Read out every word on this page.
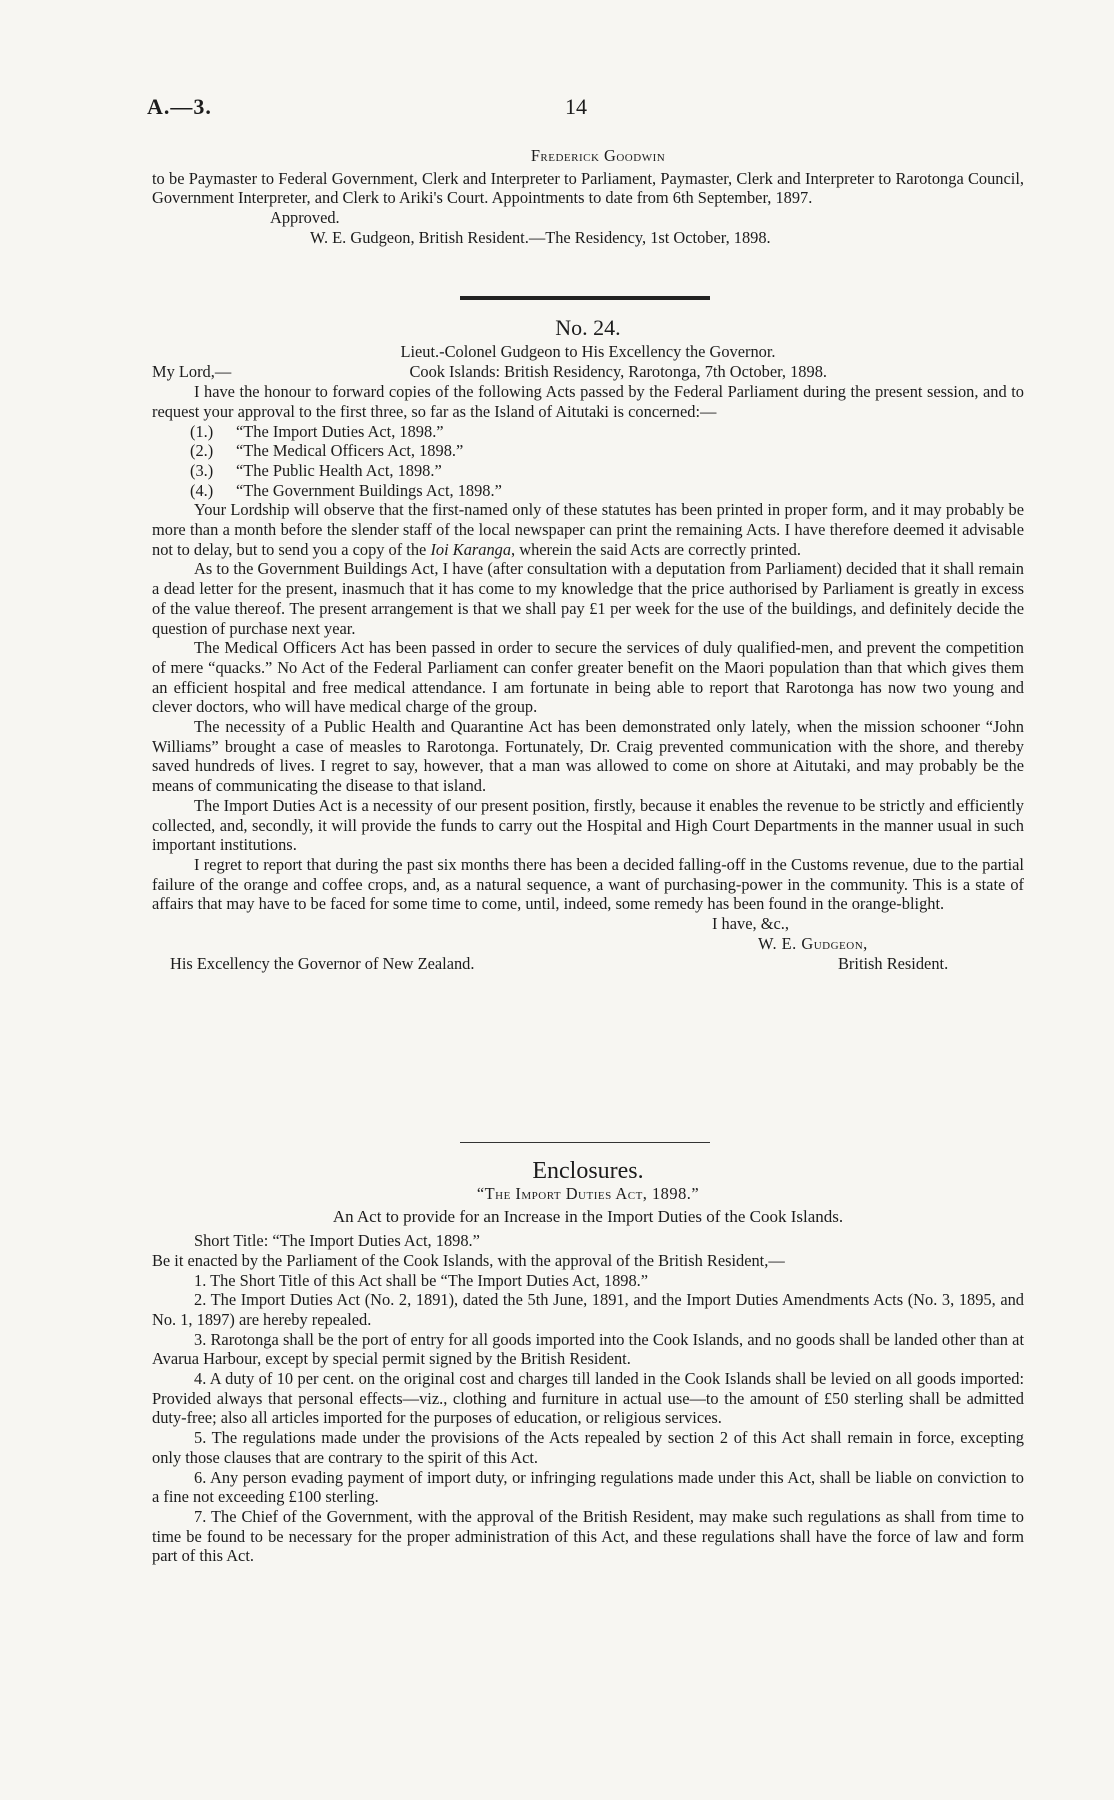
A.—3.	14

Frederick Goodwin

to be Paymaster to Federal Government, Clerk and Interpreter to Parliament, Paymaster, Clerk and Interpreter to Rarotonga Council, Government Interpreter, and Clerk to Ariki's Court. Appointments to date from 6th September, 1897.

Approved.

W. E. Gudgeon, British Resident.—The Residency, 1st October, 1898.

No. 24.

Lieut.-Colonel Gudgeon to His Excellency the Governor.

My Lord,—	Cook Islands: British Residency, Rarotonga, 7th October, 1898.

I have the honour to forward copies of the following Acts passed by the Federal Parliament during the present session, and to request your approval to the first three, so far as the Island of Aitutaki is concerned:—

(1.) “The Import Duties Act, 1898.”

(2.) “The Medical Officers Act, 1898.”

(3.) “The Public Health Act, 1898.”

(4.) “The Government Buildings Act, 1898.”

Your Lordship will observe that the first-named only of these statutes has been printed in proper form, and it may probably be more than a month before the slender staff of the local newspaper can print the remaining Acts. I have therefore deemed it advisable not to delay, but to send you a copy of the Ioi Karanga, wherein the said Acts are correctly printed.

As to the Government Buildings Act, I have (after consultation with a deputation from Parliament) decided that it shall remain a dead letter for the present, inasmuch that it has come to my knowledge that the price authorised by Parliament is greatly in excess of the value thereof. The present arrangement is that we shall pay £1 per week for the use of the buildings, and definitely decide the question of purchase next year.

The Medical Officers Act has been passed in order to secure the services of duly qualified-men, and prevent the competition of mere “quacks.” No Act of the Federal Parliament can confer greater benefit on the Maori population than that which gives them an efficient hospital and free medical attendance. I am fortunate in being able to report that Rarotonga has now two young and clever doctors, who will have medical charge of the group.

The necessity of a Public Health and Quarantine Act has been demonstrated only lately, when the mission schooner “John Williams” brought a case of measles to Rarotonga. Fortunately, Dr. Craig prevented communication with the shore, and thereby saved hundreds of lives. I regret to say, however, that a man was allowed to come on shore at Aitutaki, and may probably be the means of communicating the disease to that island.

The Import Duties Act is a necessity of our present position, firstly, because it enables the revenue to be strictly and efficiently collected, and, secondly, it will provide the funds to carry out the Hospital and High Court Departments in the manner usual in such important institutions.

I regret to report that during the past six months there has been a decided falling-off in the Customs revenue, due to the partial failure of the orange and coffee crops, and, as a natural sequence, a want of purchasing-power in the community. This is a state of affairs that may have to be faced for some time to come, until, indeed, some remedy has been found in the orange-blight.

I have, &c.,

W. E. Gudgeon,

His Excellency the Governor of New Zealand.	British Resident.

Enclosures.

“The Import Duties Act, 1898.”

An Act to provide for an Increase in the Import Duties of the Cook Islands.

Short Title: “The Import Duties Act, 1898.”

Be it enacted by the Parliament of the Cook Islands, with the approval of the British Resident,—

1. The Short Title of this Act shall be “The Import Duties Act, 1898.”

2. The Import Duties Act (No. 2, 1891), dated the 5th June, 1891, and the Import Duties Amendments Acts (No. 3, 1895, and No. 1, 1897) are hereby repealed.

3. Rarotonga shall be the port of entry for all goods imported into the Cook Islands, and no goods shall be landed other than at Avarua Harbour, except by special permit signed by the British Resident.

4. A duty of 10 per cent. on the original cost and charges till landed in the Cook Islands shall be levied on all goods imported: Provided always that personal effects—viz., clothing and furniture in actual use—to the amount of £50 sterling shall be admitted duty-free; also all articles imported for the purposes of education, or religious services.

5. The regulations made under the provisions of the Acts repealed by section 2 of this Act shall remain in force, excepting only those clauses that are contrary to the spirit of this Act.

6. Any person evading payment of import duty, or infringing regulations made under this Act, shall be liable on conviction to a fine not exceeding £100 sterling.

7. The Chief of the Government, with the approval of the British Resident, may make such regulations as shall from time to time be found to be necessary for the proper administration of this Act, and these regulations shall have the force of law and form part of this Act.
